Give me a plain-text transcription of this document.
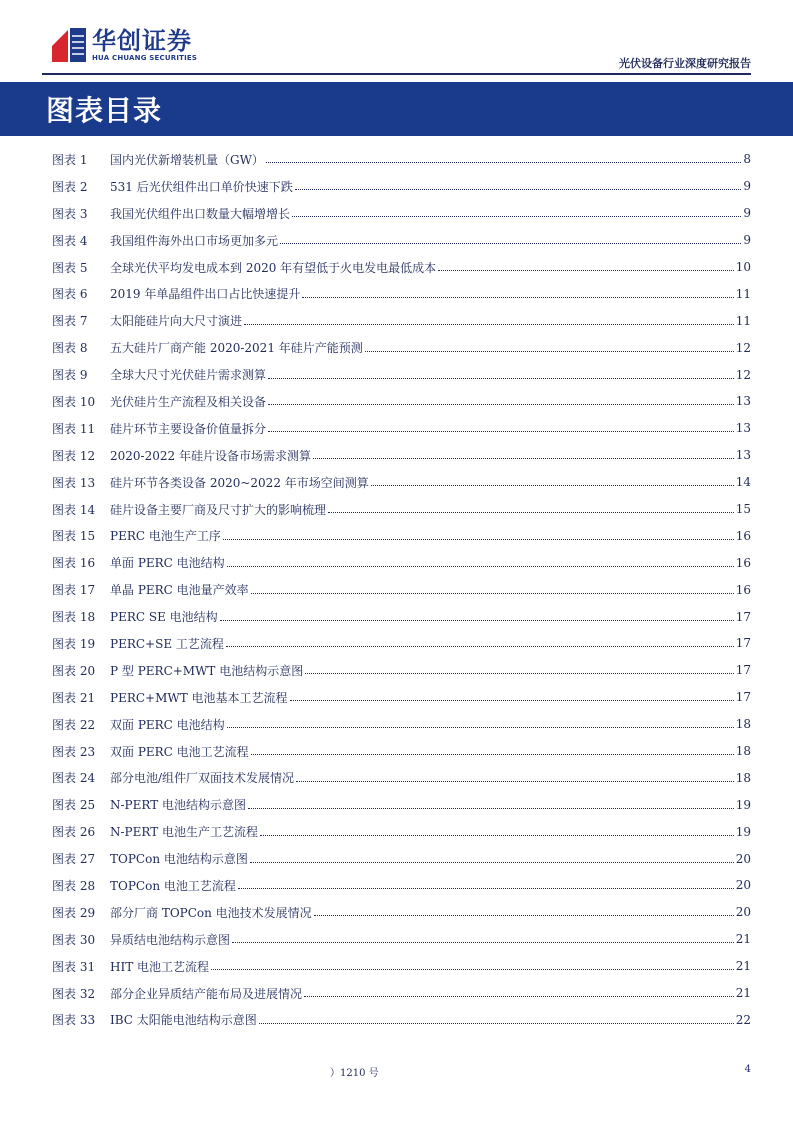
华创证券
HUA CHUANG SECURITIES	光伏设备行业深度研究报告
图表目录
图表 1	国内光伏新增装机量（GW）	8
图表 2	531 后光伏组件出口单价快速下跌	9
图表 3	我国光伏组件出口数量大幅增增长	9
图表 4	我国组件海外出口市场更加多元	9
图表 5	全球光伏平均发电成本到 2020 年有望低于火电发电最低成本	10
图表 6	2019 年单晶组件出口占比快速提升	11
图表 7	太阳能硅片向大尺寸演进	11
图表 8	五大硅片厂商产能 2020-2021 年硅片产能预测	12
图表 9	全球大尺寸光伏硅片需求测算	12
图表 10	光伏硅片生产流程及相关设备	13
图表 11	硅片环节主要设备价值量拆分	13
图表 12	2020-2022 年硅片设备市场需求测算	13
图表 13	硅片环节各类设备 2020~2022 年市场空间测算	14
图表 14	硅片设备主要厂商及尺寸扩大的影响梳理	15
图表 15	PERC 电池生产工序	16
图表 16	单面 PERC 电池结构	16
图表 17	单晶 PERC 电池量产效率	16
图表 18	PERC SE 电池结构	17
图表 19	PERC+SE 工艺流程	17
图表 20	P 型 PERC+MWT 电池结构示意图	17
图表 21	PERC+MWT 电池基本工艺流程	17
图表 22	双面 PERC 电池结构	18
图表 23	双面 PERC 电池工艺流程	18
图表 24	部分电池/组件厂双面技术发展情况	18
图表 25	N-PERT 电池结构示意图	19
图表 26	N-PERT 电池生产工艺流程	19
图表 27	TOPCon 电池结构示意图	20
图表 28	TOPCon 电池工艺流程	20
图表 29	部分厂商 TOPCon 电池技术发展情况	20
图表 30	异质结电池结构示意图	21
图表 31	HIT 电池工艺流程	21
图表 32	部分企业异质结产能布局及进展情况	21
图表 33	IBC 太阳能电池结构示意图	22
）1210 号	4
